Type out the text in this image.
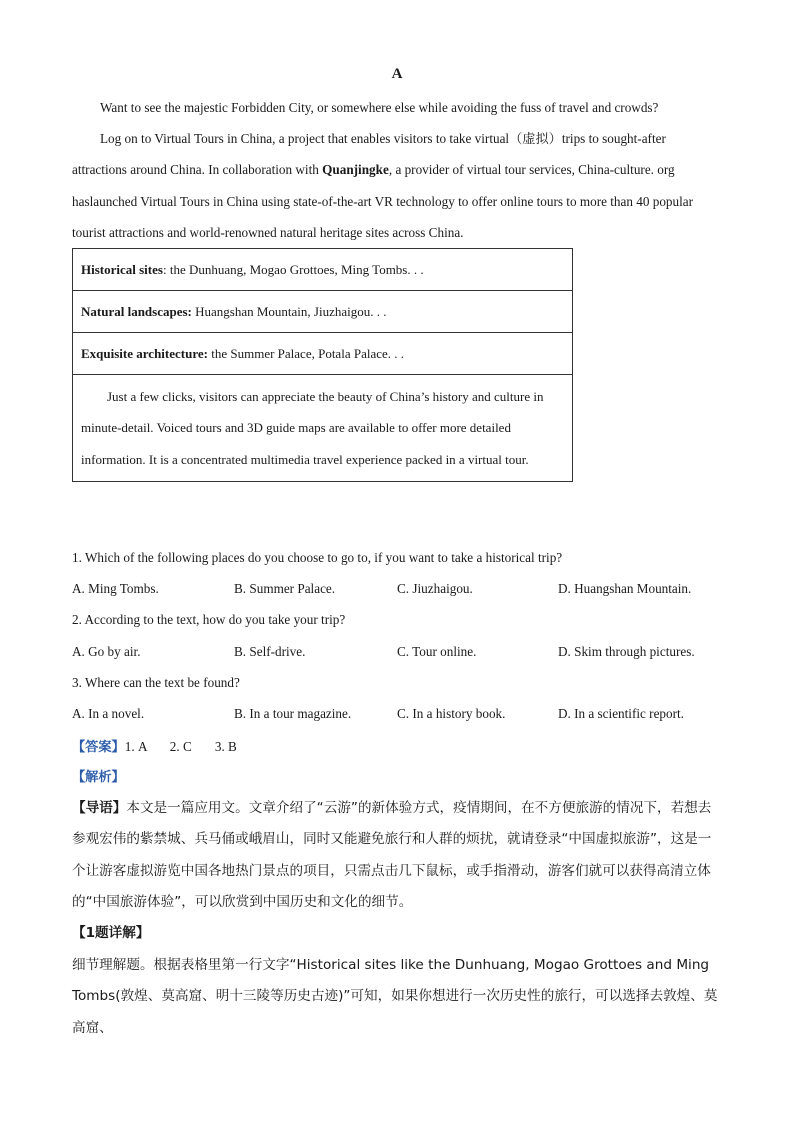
A
Want to see the majestic Forbidden City, or somewhere else while avoiding the fuss of travel and crowds?
Log on to Virtual Tours in China, a project that enables visitors to take virtual（虚拟）trips to sought-after attractions around China. In collaboration with Quanjingke, a provider of virtual tour services, China-culture. org haslaunched Virtual Tours in China using state-of-the-art VR technology to offer online tours to more than 40 popular tourist attractions and world-renowned natural heritage sites across China.
Historical sites: the Dunhuang, Mogao Grottoes, Ming Tombs. . .
Natural landscapes: Huangshan Mountain, Jiuzhaigou. . .
Exquisite architecture: the Summer Palace, Potala Palace. . .
Just a few clicks, visitors can appreciate the beauty of China’s history and culture in minute-detail. Voiced tours and 3D guide maps are available to offer more detailed information. It is a concentrated multimedia travel experience packed in a virtual tour.
1. Which of the following places do you choose to go to, if you want to take a historical trip?
A. Ming Tombs.	B. Summer Palace.	C. Jiuzhaigou.	D. Huangshan Mountain.
2. According to the text, how do you take your trip?
A. Go by air.	B. Self-drive.	C. Tour online.	D. Skim through pictures.
3. Where can the text be found?
A. In a novel.	B. In a tour magazine.	C. In a history book.	D. In a scientific report.
【答案】1. A       2. C       3. B
【解析】
【导语】本文是一篇应用文。文章介绍了“云游”的新体验方式，疫情期间，在不方便旅游的情况下，若想去参观宏伟的紫禁城、兵马俑或峨眉山，同时又能避免旅行和人群的烦扰，就请登录“中国虚拟旅游”，这是一个让游客虚拟游览中国各地热门景点的项目，只需点击几下鼠标，或手指滑动，游客们就可以获得高清立体的“中国旅游体验”，可以欣赏到中国历史和文化的细节。
【1题详解】
细节理解题。根据表格里第一行文字“Historical sites like the Dunhuang, Mogao Grottoes and Ming Tombs(敦煌、莫高窟、明十三陵等历史古迹)”可知，如果你想进行一次历史性的旅行，可以选择去敦煌、莫高窟、
